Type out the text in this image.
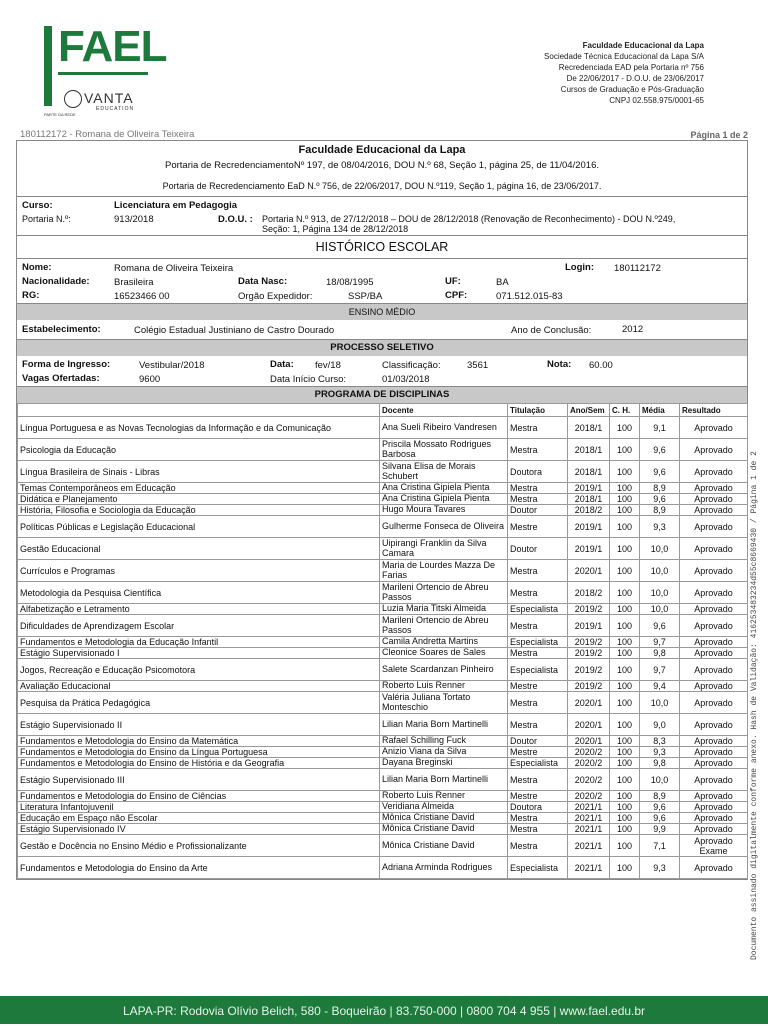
FAEL
VANTA
EDUCATION
PARTE DA REDE
Faculdade Educacional da Lapa
Sociedade Técnica Educacional da Lapa S/A
Recredenciada EAD pela Portaria nº 756
De 22/06/2017 - D.O.U. de 23/06/2017
Cursos de Graduação e Pós-Graduação
CNPJ 02.558.975/0001-65
180112172 - Romana de Oliveira Teixeira	Página 1 de 2
Faculdade Educacional da Lapa
Portaria de RecredenciamentoNº 197, de 08/04/2016, DOU N.º 68, Seção 1, página 25, de 11/04/2016.
Portaria de Recredenciamento EaD N.º 756, de 22/06/2017, DOU N.º119, Seção 1, página 16, de 23/06/2017.
Curso:	Licenciatura em Pedagogia
Portaria N.º:	913/2018	D.O.U. : Portaria N.º 913, de 27/12/2018 – DOU de 28/12/2018 (Renovação de Reconhecimento) - DOU N.º249,
Seção: 1, Página 134 de 28/12/2018
HISTÓRICO ESCOLAR
Nome:	Romana de Oliveira Teixeira	Login: 180112172
Nacionalidade:	Brasileira	Data Nasc:	18/08/1995	UF:	BA
RG:	16523466 00	Orgão Expedidor:	SSP/BA	CPF:	071.512.015-83
ENSINO MÉDIO
Estabelecimento:	Colégio Estadual Justiniano de Castro Dourado	Ano de Conclusão:	2012
PROCESSO SELETIVO
Forma de Ingresso:	Vestibular/2018	Data: fev/18	Classificação:	3561	Nota: 60.00
Vagas Ofertadas:	9600	Data Início Curso:	01/03/2018
PROGRAMA DE DISCIPLINAS
	Docente	Titulação	Ano/Sem	C. H.	Média	Resultado
Língua Portuguesa e as Novas Tecnologias da Informação e da Comunicação	Ana Sueli Ribeiro Vandresen	Mestra	2018/1	100	9,1	Aprovado
Psicologia da Educação	Priscila Mossato Rodrigues Barbosa	Mestra	2018/1	100	9,6	Aprovado
Língua Brasileira de Sinais - Libras	Silvana Elisa de Morais Schubert	Doutora	2018/1	100	9,6	Aprovado
Temas Contemporâneos em Educação	Ana Cristina Gipiela Pienta	Mestra	2019/1	100	8,9	Aprovado
Didática e Planejamento	Ana Cristina Gipiela Pienta	Mestra	2018/1	100	9,6	Aprovado
História, Filosofia e Sociologia da Educação	Hugo Moura Tavares	Doutor	2018/2	100	8,9	Aprovado
Políticas Públicas e Legislação Educacional	Gulherme Fonseca de Oliveira	Mestre	2019/1	100	9,3	Aprovado
Gestão Educacional	Uipirangi Franklin da Silva Camara	Doutor	2019/1	100	10,0	Aprovado
Currículos e Programas	Maria de Lourdes Mazza De Farias	Mestra	2020/1	100	10,0	Aprovado
Metodologia da Pesquisa Científica	Marileni Ortencio de Abreu Passos	Mestra	2018/2	100	10,0	Aprovado
Alfabetização e Letramento	Luzia Maria Titski Almeida	Especialista	2019/2	100	10,0	Aprovado
Dificuldades de Aprendizagem Escolar	Marileni Ortencio de Abreu Passos	Mestra	2019/1	100	9,6	Aprovado
Fundamentos e Metodologia da Educação Infantil	Camila Andretta Martins	Especialista	2019/2	100	9,7	Aprovado
Estágio Supervisionado I	Cleonice Soares de Sales	Mestra	2019/2	100	9,8	Aprovado
Jogos, Recreação e Educação Psicomotora	Salete Scardanzan Pinheiro	Especialista	2019/2	100	9,7	Aprovado
Avaliação Educacional	Roberto Luis Renner	Mestre	2019/2	100	9,4	Aprovado
Pesquisa da Prática Pedagógica	Valéria Juliana Tortato Monteschio	Mestra	2020/1	100	10,0	Aprovado
Estágio Supervisionado II	Lilian Maria Born Martinelli	Mestra	2020/1	100	9,0	Aprovado
Fundamentos e Metodologia do Ensino da Matemática	Rafael Schilling Fuck	Doutor	2020/1	100	8,3	Aprovado
Fundamentos e Metodologia do Ensino da Língua Portuguesa	Anizio Viana da Silva	Mestre	2020/2	100	9,3	Aprovado
Fundamentos e Metodologia do Ensino de História e da Geografia	Dayana Breginski	Especialista	2020/2	100	9,8	Aprovado
Estágio Supervisionado III	Lilian Maria Born Martinelli	Mestra	2020/2	100	10,0	Aprovado
Fundamentos e Metodologia do Ensino de Ciências	Roberto Luis Renner	Mestre	2020/2	100	8,9	Aprovado
Literatura Infantojuvenil	Veridiana Almeida	Doutora	2021/1	100	9,6	Aprovado
Educação em Espaço não Escolar	Mônica Cristiane David	Mestra	2021/1	100	9,6	Aprovado
Estágio Supervisionado IV	Mônica Cristiane David	Mestra	2021/1	100	9,9	Aprovado
Gestão e Docência no Ensino Médio e Profissionalizante	Mônica Cristiane David	Mestra	2021/1	100	7,1	Aprovado Exame
Fundamentos e Metodologia do Ensino da Arte	Adriana Arminda Rodrigues	Especialista	2021/1	100	9,3	Aprovado Documento assinado digitalmente conforme anexo. Hash de Validação: 416253483234d55c8669430 / Página 1 de 2
LAPA-PR: Rodovia Olívio Belich, 580 - Boqueirão | 83.750-000 | 0800 704 4 955 | www.fael.edu.br
